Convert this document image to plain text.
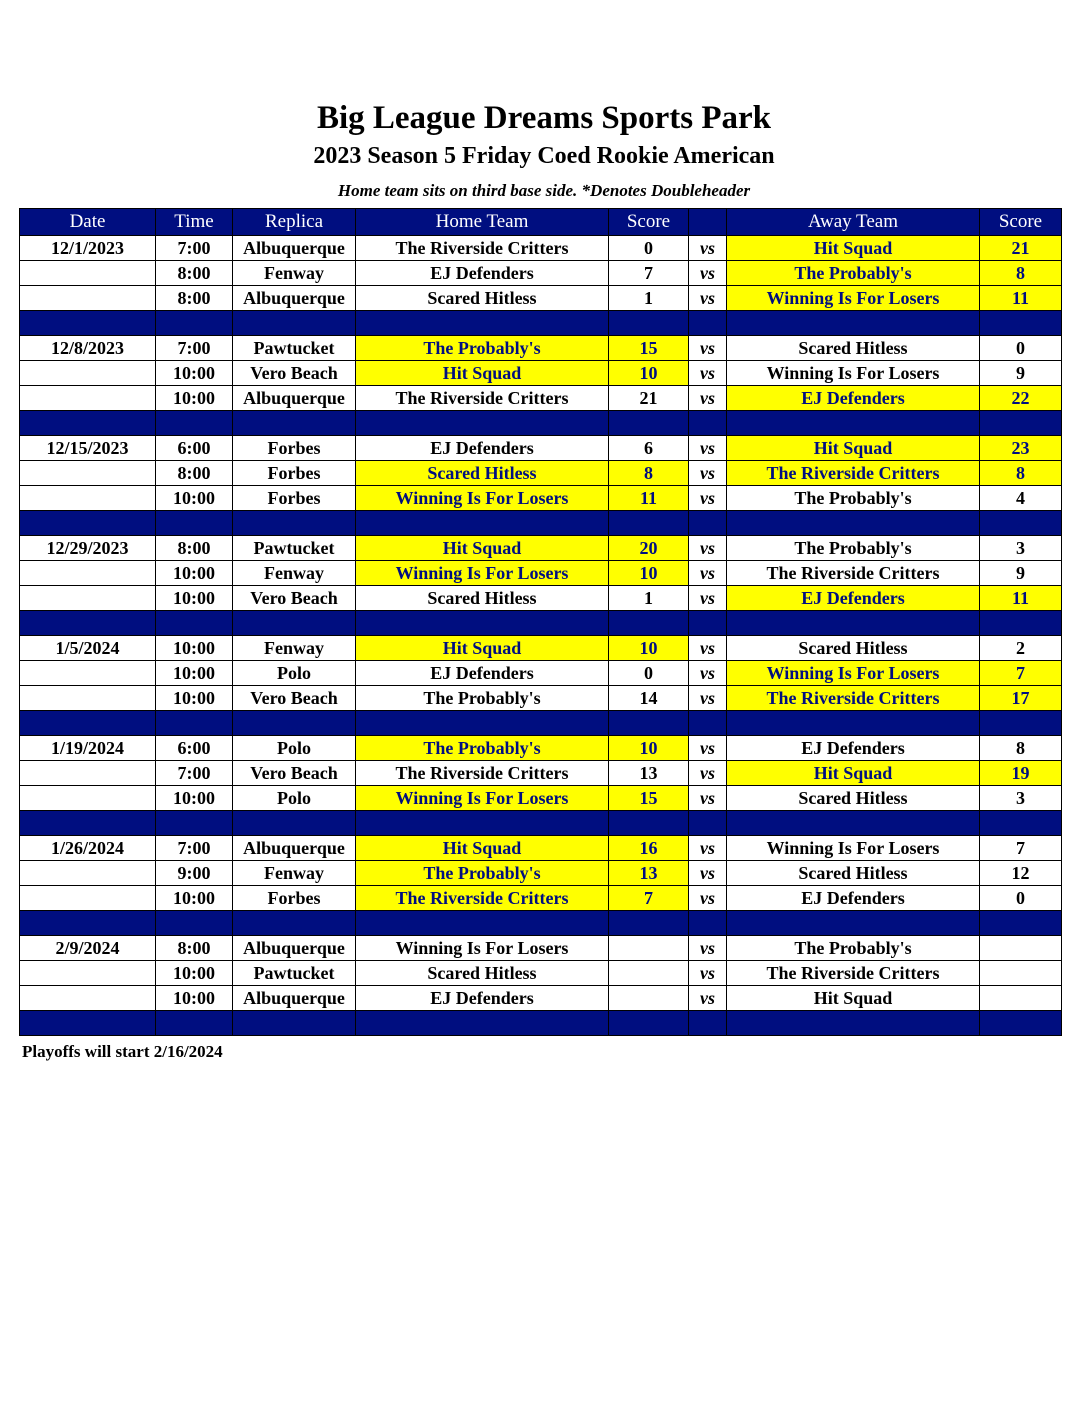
Big League Dreams Sports Park
2023 Season 5 Friday Coed Rookie American
Home team sits on third base side. *Denotes Doubleheader
Date	Time	Replica	Home Team	Score		Away Team	Score
12/1/2023	7:00	Albuquerque	The Riverside Critters	0	vs	Hit Squad	21
	8:00	Fenway	EJ Defenders	7	vs	The Probably's	8
	8:00	Albuquerque	Scared Hitless	1	vs	Winning Is For Losers	11

12/8/2023	7:00	Pawtucket	The Probably's	15	vs	Scared Hitless	0
	10:00	Vero Beach	Hit Squad	10	vs	Winning Is For Losers	9
	10:00	Albuquerque	The Riverside Critters	21	vs	EJ Defenders	22

12/15/2023	6:00	Forbes	EJ Defenders	6	vs	Hit Squad	23
	8:00	Forbes	Scared Hitless	8	vs	The Riverside Critters	8
	10:00	Forbes	Winning Is For Losers	11	vs	The Probably's	4

12/29/2023	8:00	Pawtucket	Hit Squad	20	vs	The Probably's	3
	10:00	Fenway	Winning Is For Losers	10	vs	The Riverside Critters	9
	10:00	Vero Beach	Scared Hitless	1	vs	EJ Defenders	11

1/5/2024	10:00	Fenway	Hit Squad	10	vs	Scared Hitless	2
	10:00	Polo	EJ Defenders	0	vs	Winning Is For Losers	7
	10:00	Vero Beach	The Probably's	14	vs	The Riverside Critters	17

1/19/2024	6:00	Polo	The Probably's	10	vs	EJ Defenders	8
	7:00	Vero Beach	The Riverside Critters	13	vs	Hit Squad	19
	10:00	Polo	Winning Is For Losers	15	vs	Scared Hitless	3

1/26/2024	7:00	Albuquerque	Hit Squad	16	vs	Winning Is For Losers	7
	9:00	Fenway	The Probably's	13	vs	Scared Hitless	12
	10:00	Forbes	The Riverside Critters	7	vs	EJ Defenders	0

2/9/2024	8:00	Albuquerque	Winning Is For Losers		vs	The Probably's	
	10:00	Pawtucket	Scared Hitless		vs	The Riverside Critters	
	10:00	Albuquerque	EJ Defenders		vs	Hit Squad	

Playoffs will start 2/16/2024
